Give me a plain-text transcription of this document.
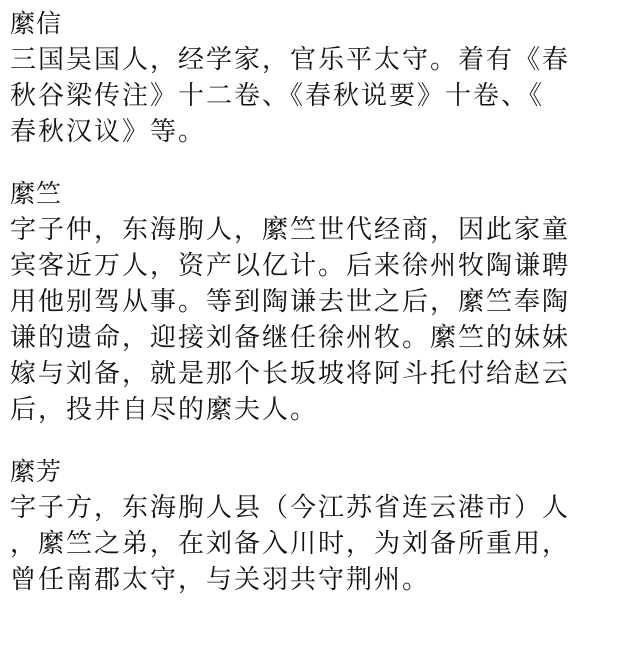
縻信
三国吴国人，经学家，官乐平太守。着有《春
秋谷梁传注》十二卷、《春秋说要》十卷、《
春秋汉议》等。
縻竺
字子仲，东海朐人，縻竺世代经商，因此家童
宾客近万人，资产以亿计。后来徐州牧陶谦聘
用他别驾从事。等到陶谦去世之后，縻竺奉陶
谦的遗命，迎接刘备继任徐州牧。縻竺的妹妹
嫁与刘备，就是那个长坂坡将阿斗托付给赵云
后，投井自尽的縻夫人。
縻芳
字子方，东海朐人县（今江苏省连云港市）人
，縻竺之弟，在刘备入川时，为刘备所重用，
曾任南郡太守，与关羽共守荆州。
